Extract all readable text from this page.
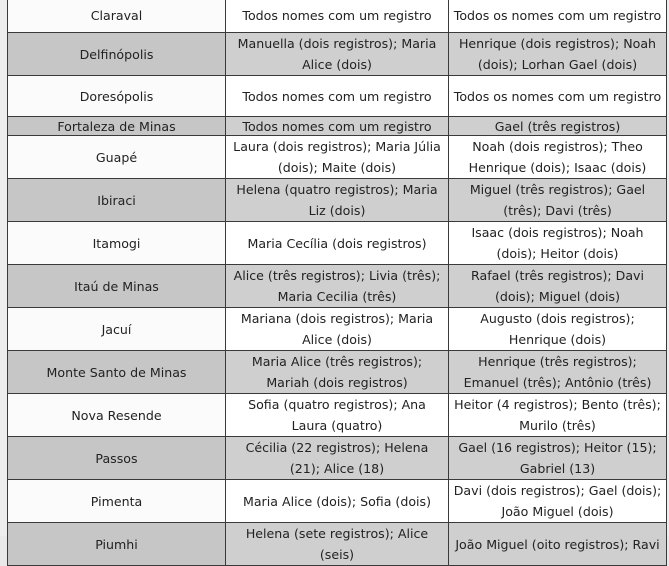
Claraval	Todos nomes com um registro	Todos os nomes com um registro
Delfinópolis	Manuella (dois registros); Maria Alice (dois)	Henrique (dois registros); Noah (dois); Lorhan Gael (dois)
Doresópolis	Todos nomes com um registro	Todos os nomes com um registro
Fortaleza de Minas	Todos nomes com um registro	Gael (três registros)
Guapé	Laura (dois registros); Maria Júlia (dois); Maite (dois)	Noah (dois registros); Theo Henrique (dois); Isaac (dois)
Ibiraci	Helena (quatro registros); Maria Liz (dois)	Miguel (três registros); Gael (três); Davi (três)
Itamogi	Maria Cecília (dois registros)	Isaac (dois registros); Noah (dois); Heitor (dois)
Itaú de Minas	Alice (três registros); Livia (três); Maria Cecilia (três)	Rafael (três registros); Davi (dois); Miguel (dois)
Jacuí	Mariana (dois registros); Maria Alice (dois)	Augusto (dois registros); Henrique (dois)
Monte Santo de Minas	Maria Alice (três registros); Mariah (dois registros)	Henrique (três registros); Emanuel (três); Antônio (três)
Nova Resende	Sofia (quatro registros); Ana Laura (quatro)	Heitor (4 registros); Bento (três); Murilo (três)
Passos	Cécilia (22 registros); Helena (21); Alice (18)	Gael (16 registros); Heitor (15); Gabriel (13)
Pimenta	Maria Alice (dois); Sofia (dois)	Davi (dois registros); Gael (dois); João Miguel (dois)
Piumhi	Helena (sete registros); Alice (seis)	João Miguel (oito registros); Ravi
